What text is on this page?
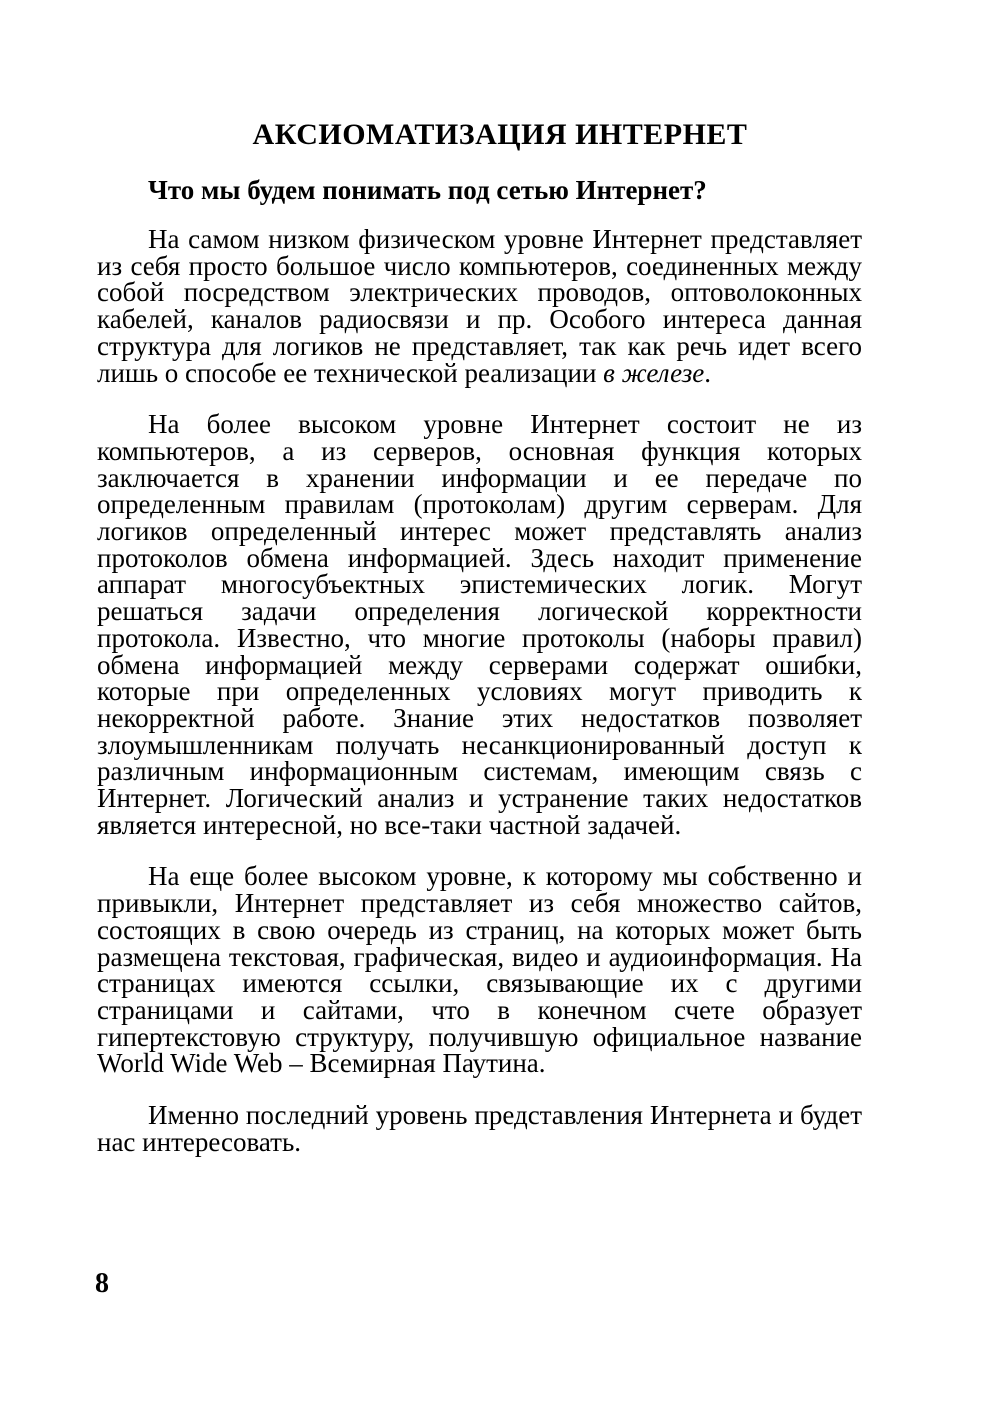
АКСИОМАТИЗАЦИЯ ИНТЕРНЕТ
Что мы будем понимать под сетью Интернет?

На самом низком физическом уровне Интернет представляет из себя просто большое число компьютеров, соединенных между собой посредством электрических проводов, оптоволоконных кабелей, каналов радиосвязи и пр. Особого интереса данная структура для логиков не представляет, так как речь идет всего лишь о способе ее технической реализации в железе.

На более высоком уровне Интернет состоит не из компьютеров, а из серверов, основная функция которых заключается в хранении информации и ее передаче по определенным правилам (протоколам) другим серверам. Для логиков определенный интерес может представлять анализ протоколов обмена информацией. Здесь находит применение аппарат многосубъектных эпистемических логик. Могут решаться задачи определения логической корректности протокола. Известно, что многие протоколы (наборы правил) обмена информацией между серверами содержат ошибки, которые при определенных условиях могут приводить к некорректной работе. Знание этих недостатков позволяет злоумышленникам получать несанкционированный доступ к различным информационным системам, имеющим связь с Интернет. Логический анализ и устранение таких недостатков является интересной, но все-таки частной задачей.

На еще более высоком уровне, к которому мы собственно и привыкли, Интернет представляет из себя множество сайтов, состоящих в свою очередь из страниц, на которых может быть размещена текстовая, графическая, видео и аудиоинформация. На страницах имеются ссылки, связывающие их с другими страницами и сайтами, что в конечном счете образует гипертекстовую структуру, получившую официальное название World Wide Web – Всемирная Паутина.

Именно последний уровень представления Интернета и будет нас интересовать.

8
